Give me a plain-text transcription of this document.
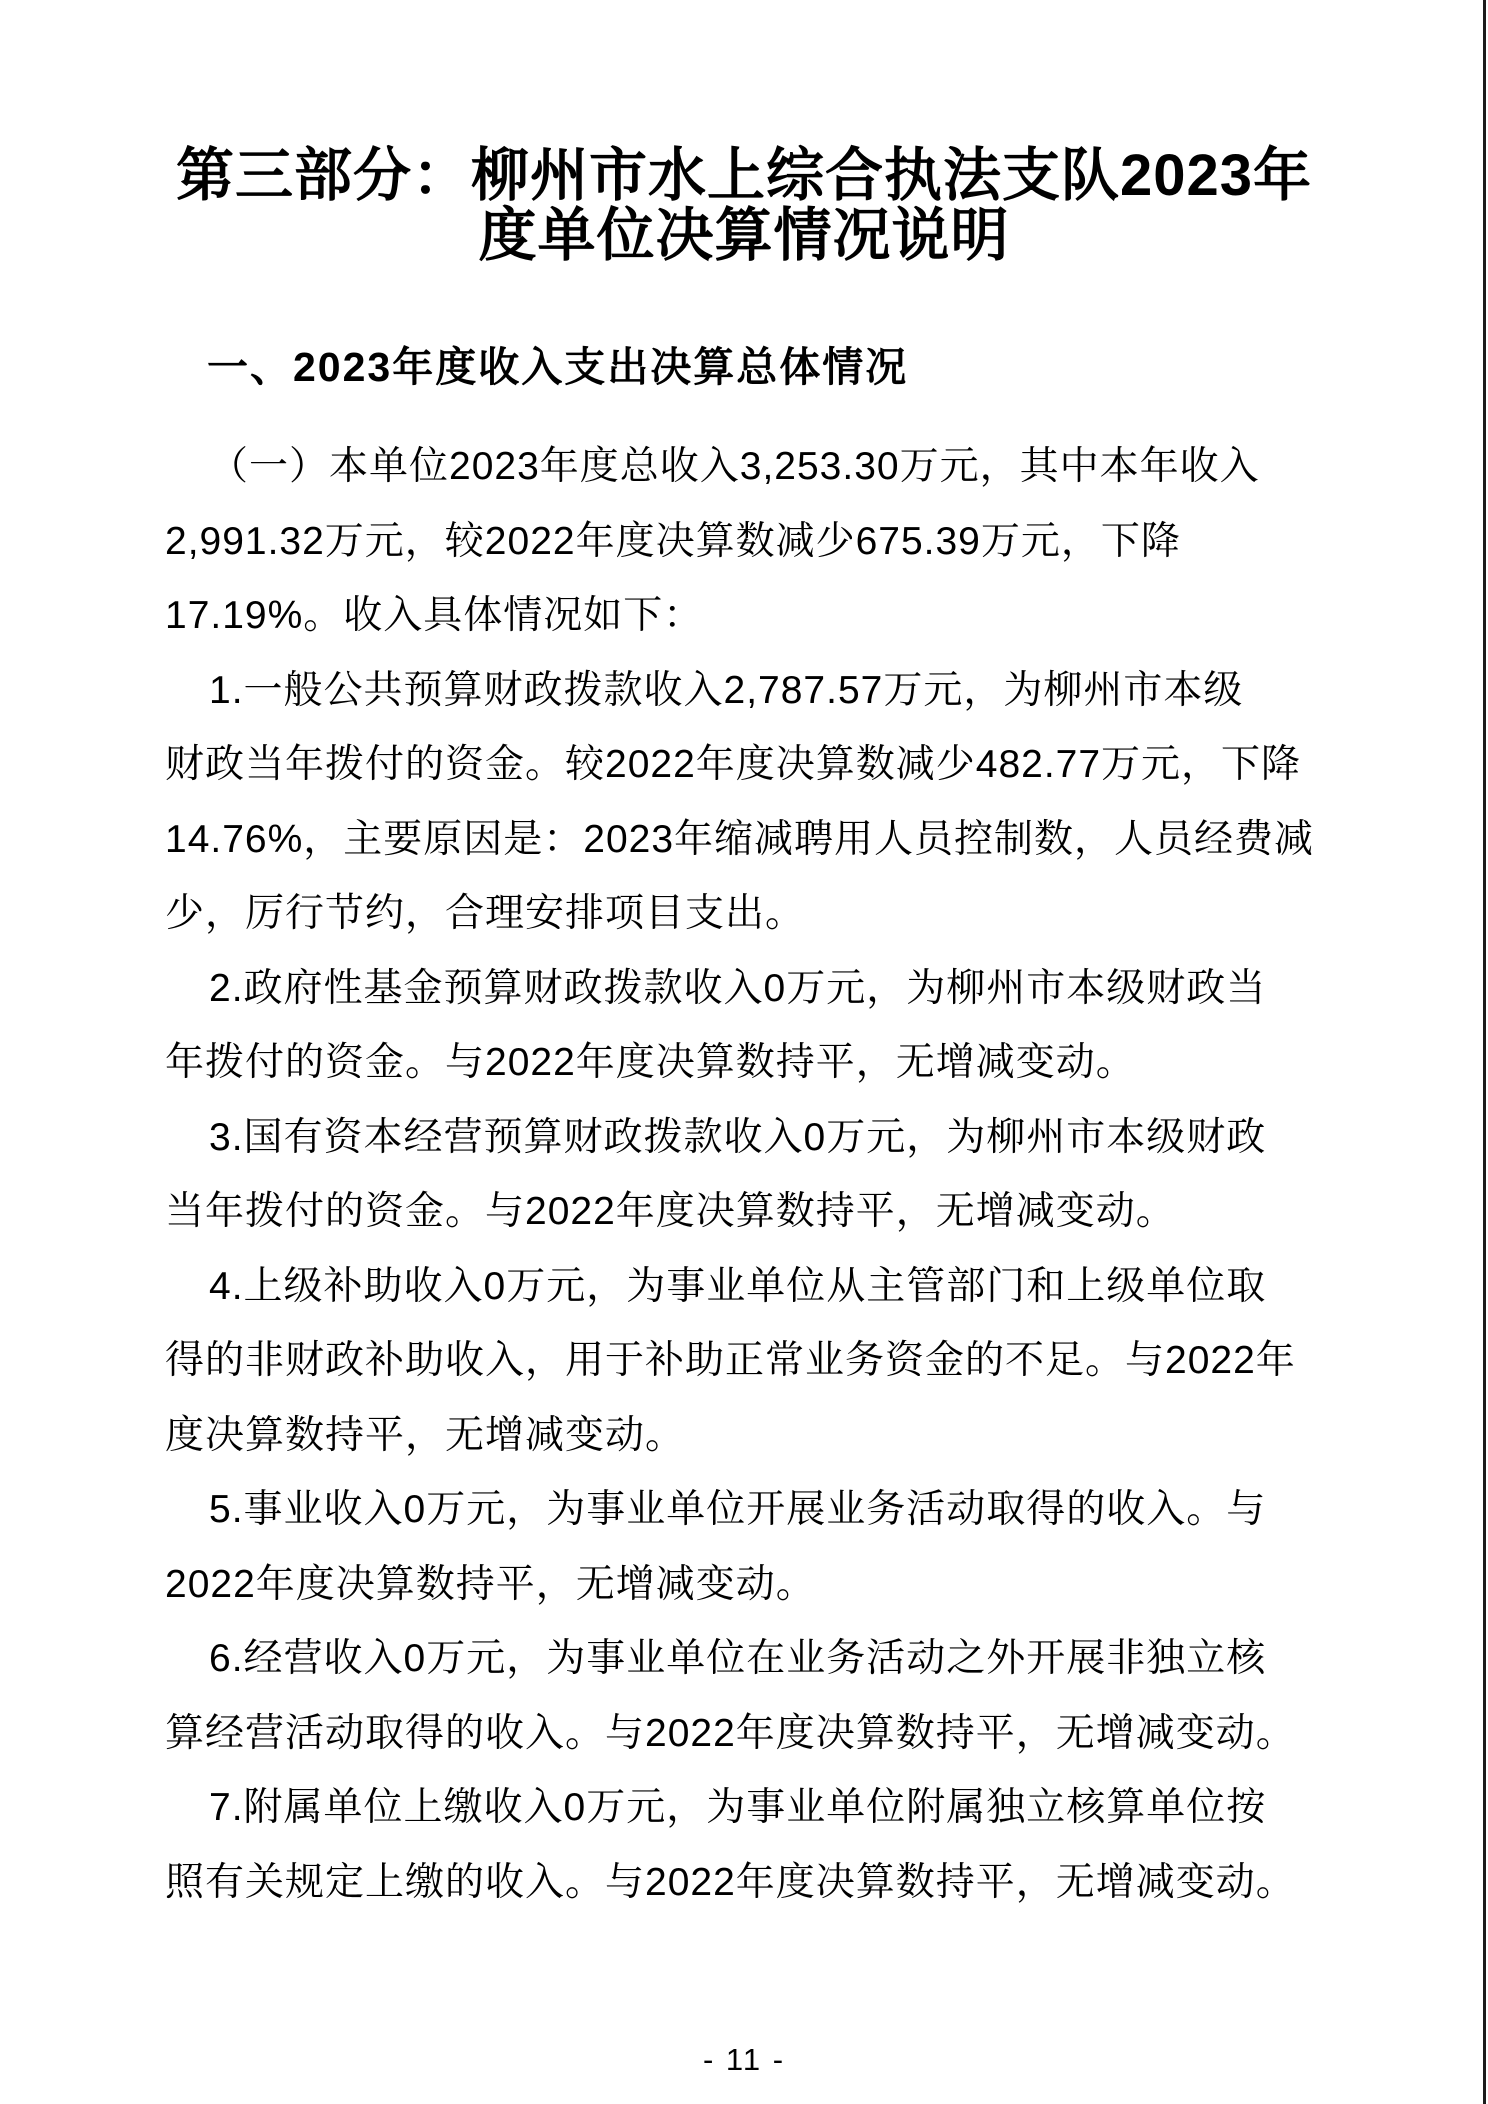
第三部分：柳州市水上综合执法支队2023年
度单位决算情况说明
一、2023年度收入支出决算总体情况
（一）本单位2023年度总收入3,253.30万元，其中本年收入
2,991.32万元，较2022年度决算数减少675.39万元，下降
17.19%。收入具体情况如下：
1.一般公共预算财政拨款收入2,787.57万元，为柳州市本级
财政当年拨付的资金。较2022年度决算数减少482.77万元，下降
14.76%，主要原因是：2023年缩减聘用人员控制数，人员经费减
少，厉行节约，合理安排项目支出。
2.政府性基金预算财政拨款收入0万元，为柳州市本级财政当
年拨付的资金。与2022年度决算数持平，无增减变动。
3.国有资本经营预算财政拨款收入0万元，为柳州市本级财政
当年拨付的资金。与2022年度决算数持平，无增减变动。
4.上级补助收入0万元，为事业单位从主管部门和上级单位取
得的非财政补助收入，用于补助正常业务资金的不足。与2022年
度决算数持平，无增减变动。
5.事业收入0万元，为事业单位开展业务活动取得的收入。与
2022年度决算数持平，无增减变动。
6.经营收入0万元，为事业单位在业务活动之外开展非独立核
算经营活动取得的收入。与2022年度决算数持平，无增减变动。
7.附属单位上缴收入0万元，为事业单位附属独立核算单位按
照有关规定上缴的收入。与2022年度决算数持平，无增减变动。
- 11 -
